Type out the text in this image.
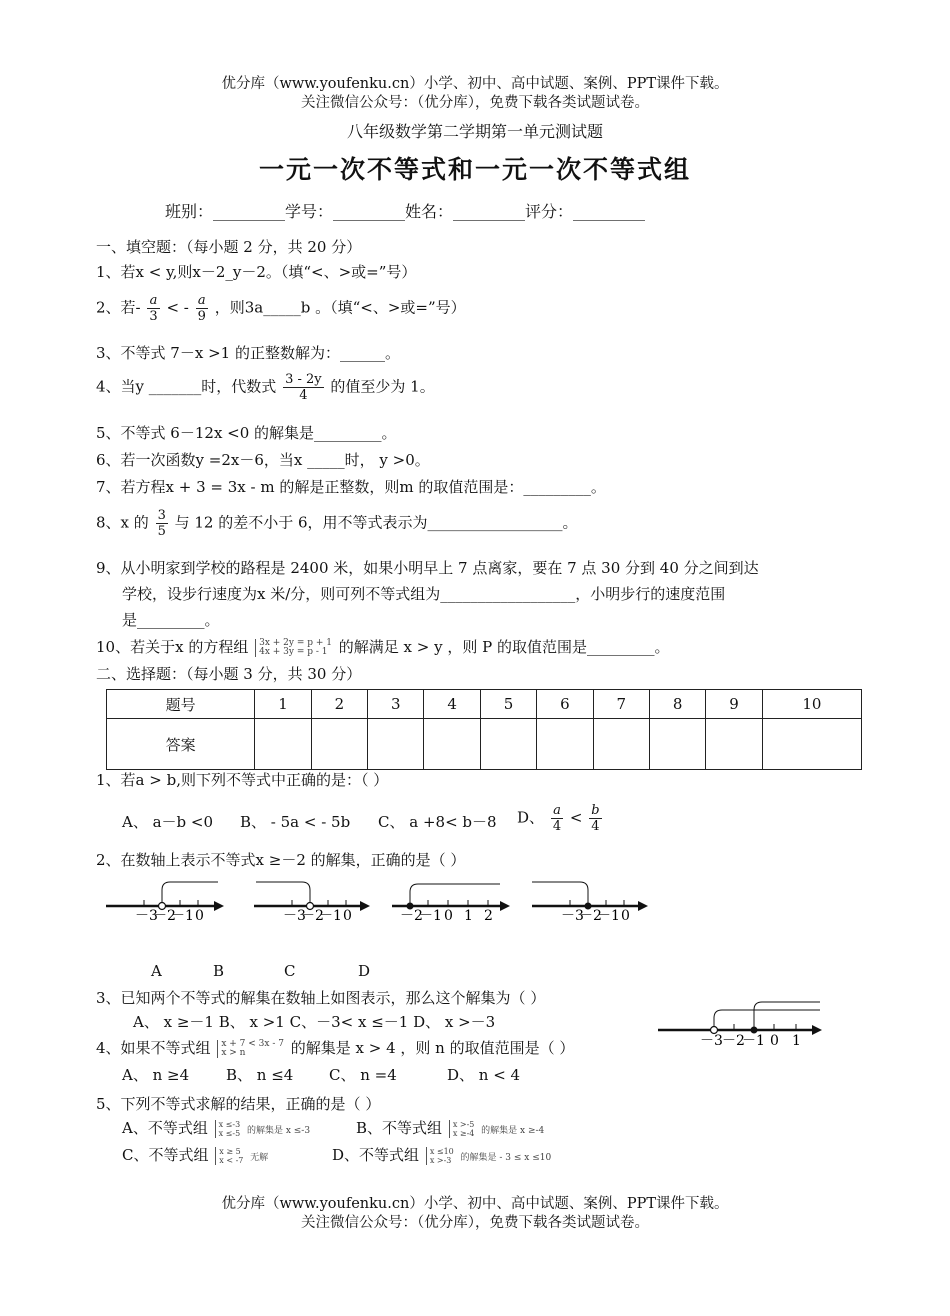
优分库（www.youfenku.cn）小学、初中、高中试题、案例、PPT课件下载。
关注微信公众号：（优分库），免费下载各类试题试卷。
八年级数学第二学期第一单元测试题
一元一次不等式和一元一次不等式组
班别：_________学号：_________姓名：_________评分：_________
一、填空题：（每小题 2 分，共 20 分）
1、若x < y,则x－2_y－2。（填“<、>或=”号）
2、若- $\frac{a}{3}$ < - $\frac{a}{9}$ ，则3a_____b 。（填“<、>或=”号）
3、不等式 7－x >1 的正整数解为：______。
4、当y _______时，代数式 $\frac{3 - 2y}{4}$ 的值至少为 1。
5、不等式 6－12x <0 的解集是_________。
6、若一次函数y =2x－6，当x _____时， y >0。
7、若方程x + 3 = 3x - m 的解是正整数，则m 的取值范围是：_________。
8、x 的 $\frac{3}{5}$ 与 12 的差不小于 6，用不等式表示为__________________。
9、从小明家到学校的路程是 2400 米，如果小明早上 7 点离家，要在 7 点 30 分到 40 分之间到达
学校，设步行速度为x 米/分，则可列不等式组为__________________，小明步行的速度范围
是_________。
10、若关于x 的方程组 3x + 2y = p + 1
4x + 3y = p - 1 的解满足 x > y ，则 P 的取值范围是_________。
二、选择题：（每小题 3 分，共 30 分）
题号	1	2	3	4	5	6	7	8	9	10
答案										
1、若a > b,则下列不等式中正确的是：（ ）
A、 a－b <0 B、 - 5a < - 5b C、 a +8< b－8 D、 $\frac{a}{4} < \frac{b}{4}$
2、在数轴上表示不等式x ≥－2 的解集，正确的是（ ）
－3
－2
－1 0	－3
－2
－1 0	－2
－1 0 1 2	－3
－2
－1 0
A	B	C	D
3、已知两个不等式的解集在数轴上如图表示，那么这个解集为（ ）
A、 x ≥－1 B、 x >1 C、－3< x ≤－1 D、 x >－3
－3 －2
－1 0 1
4、如果不等式组 x + 7 < 3x - 7
x > n	的解集是 x > 4 ，则 n 的取值范围是（ ）
A、 n ≥4 B、 n ≤4 C、 n =4	D、 n < 4
5、下列不等式求解的结果，正确的是（ ）
A、不等式组 x ≤-3
x ≤-5 的解集是 x ≤-3	B、不等式组 x >-5
x ≥-4 的解集是 x ≥-4
C、不等式组 x ≥ 5
x < -7 无解	D、不等式组 x ≤10
x >-3 的解集是 - 3 ≤ x ≤10
优分库（www.youfenku.cn）小学、初中、高中试题、案例、PPT课件下载。
关注微信公众号：（优分库），免费下载各类试题试卷。
